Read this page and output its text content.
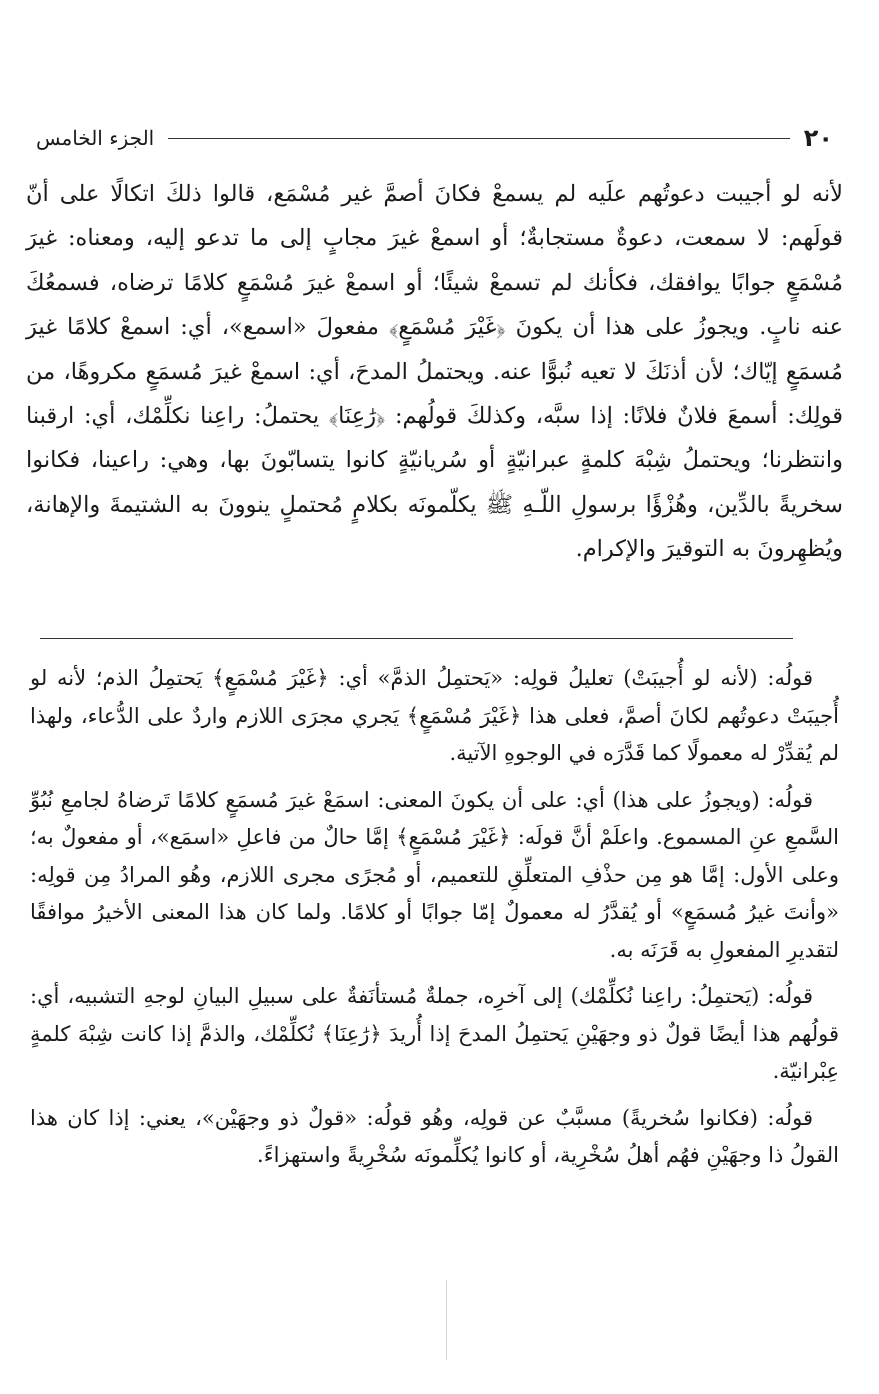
٢٠
الجزء الخامس

لأنه لو أجيبت دعوتُهم علَيه لم يسمعْ فكانَ أصمَّ غير مُسْمَع، قالوا ذلكَ اتكالًا على أنّ قولَهم: لا سمعت، دعوةٌ مستجابةٌ؛ أو اسمعْ غيرَ مجابٍ إلى ما تدعو إليه، ومعناه: غيرَ مُسْمَعٍ جوابًا يوافقك، فكأنك لم تسمعْ شيئًا؛ أو اسمعْ غيرَ مُسْمَعٍ كلامًا ترضاه، فسمعُكَ عنه نابٍ. ويجوزُ على هذا أن يكونَ ﴿غَيْرَ مُسْمَعٍ﴾ مفعولَ «اسمع»، أي: اسمعْ كلامًا غيرَ مُسمَعٍ إيّاك؛ لأن أذنَكَ لا تعيه نُبوًّا عنه. ويحتملُ المدحَ، أي: اسمعْ غيرَ مُسمَعٍ مكروهًا، من قولِك: أسمعَ فلانٌ فلانًا: إذا سبَّه، وكذلكَ قولُهم: ﴿رَٰعِنَا﴾ يحتملُ: راعِنا نكلِّمْك، أي: ارقبنا وانتظرنا؛ ويحتملُ شِبْهَ كلمةٍ عبرانيّةٍ أو سُريانيّةٍ كانوا يتسابّونَ بها، وهي: راعينا، فكانوا سخريةً بالدِّين، وهُزْؤًا برسولِ اللّـهِ ﷺ يكلّمونَه بكلامٍ مُحتملٍ ينوونَ به الشتيمةَ والإهانة، ويُظهِرونَ به التوقيرَ والإكرام.

قولُه: (لأنه لو أُجيبَتْ) تعليلُ قولِه: «يَحتمِلُ الذمَّ» أي: ﴿غَيْرَ مُسْمَعٍ﴾ يَحتمِلُ الذم؛ لأنه لو أُجيبَتْ دعوتُهم لكانَ أصمَّ، فعلى هذا ﴿غَيْرَ مُسْمَعٍ﴾ يَجري مجرَى اللازم واردٌ على الدُّعاء، ولهذا لم يُقدِّرْ له معمولًا كما قَدَّرَه في الوجوهِ الآتية.

قولُه: (ويجوزُ على هذا) أي: على أن يكونَ المعنى: اسمَعْ غيرَ مُسمَعٍ كلامًا تَرضاهُ لجامعِ نُبُوِّ السَّمعِ عنِ المسموع. واعلَمْ أنَّ قولَه: ﴿غَيْرَ مُسْمَعٍ﴾ إمَّا حالٌ من فاعلِ «اسمَع»، أو مفعولٌ به؛ وعلى الأول: إمَّا هو مِن حذْفِ المتعلِّقِ للتعميم، أو مُجرًى مجرى اللازم، وهُو المرادُ مِن قولِه: «وأنتَ غيرُ مُسمَعٍ» أو يُقدَّرُ له معمولٌ إمّا جوابًا أو كلامًا. ولما كان هذا المعنى الأخيرُ موافقًا لتقديرِ المفعولِ به قَرَنَه به.

قولُه: (يَحتمِلُ: راعِنا نُكلِّمْك) إلى آخرِه، جملةٌ مُستأنَفةٌ على سبيلِ البيانِ لوجهِ التشبيه، أي: قولُهم هذا أيضًا قولٌ ذو وجهَيْنِ يَحتمِلُ المدحَ إذا أُريدَ ﴿رَٰعِنَا﴾ نُكلِّمْك، والذمَّ إذا كانت شِبْهَ كلمةٍ عِبْرانيّة.

قولُه: (فكانوا سُخريةً) مسبَّبٌ عن قولِه، وهُو قولُه: «قولٌ ذو وجهَيْن»، يعني: إذا كان هذا القولُ ذا وجهَيْنِ فهُم أهلُ سُخْرِية، أو كانوا يُكلِّمونَه سُخْرِيةً واستهزاءً.
